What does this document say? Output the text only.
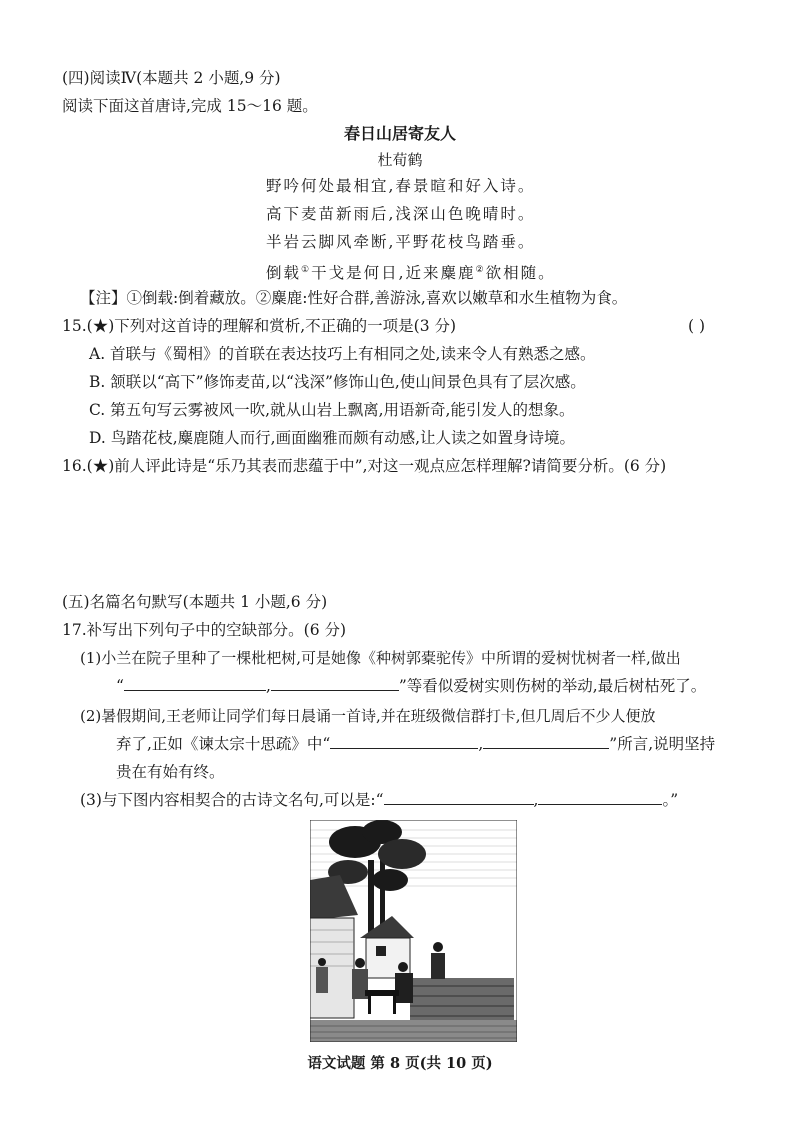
(四)阅读Ⅳ(本题共 2 小题,9 分)
阅读下面这首唐诗,完成 15～16 题。
春日山居寄友人
杜荀鹤
野吟何处最相宜,春景暄和好入诗。
高下麦苗新雨后,浅深山色晚晴时。
半岩云脚风牵断,平野花枝鸟踏垂。
倒载①干戈是何日,近来麋鹿②欲相随。
【注】①倒载:倒着藏放。②麋鹿:性好合群,善游泳,喜欢以嫩草和水生植物为食。
15.(★)下列对这首诗的理解和赏析,不正确的一项是(3 分)	( )
A. 首联与《蜀相》的首联在表达技巧上有相同之处,读来令人有熟悉之感。
B. 颔联以“高下”修饰麦苗,以“浅深”修饰山色,使山间景色具有了层次感。
C. 第五句写云雾被风一吹,就从山岩上飘离,用语新奇,能引发人的想象。
D. 鸟踏花枝,麋鹿随人而行,画面幽雅而颇有动感,让人读之如置身诗境。
16.(★)前人评此诗是“乐乃其表而悲蕴于中”,对这一观点应怎样理解?请简要分析。(6 分)
(五)名篇名句默写(本题共 1 小题,6 分)
17.补写出下列句子中的空缺部分。(6 分)
(1)小兰在院子里种了一棵枇杷树,可是她像《种树郭橐驼传》中所谓的爱树忧树者一样,做出
“	,	”等看似爱树实则伤树的举动,最后树枯死了。
(2)暑假期间,王老师让同学们每日晨诵一首诗,并在班级微信群打卡,但几周后不少人便放
弃了,正如《谏太宗十思疏》中“	,	”所言,说明坚持
贵在有始有终。
(3)与下图内容相契合的古诗文名句,可以是:“	,	。”
语文试题 第 8 页(共 10 页)
